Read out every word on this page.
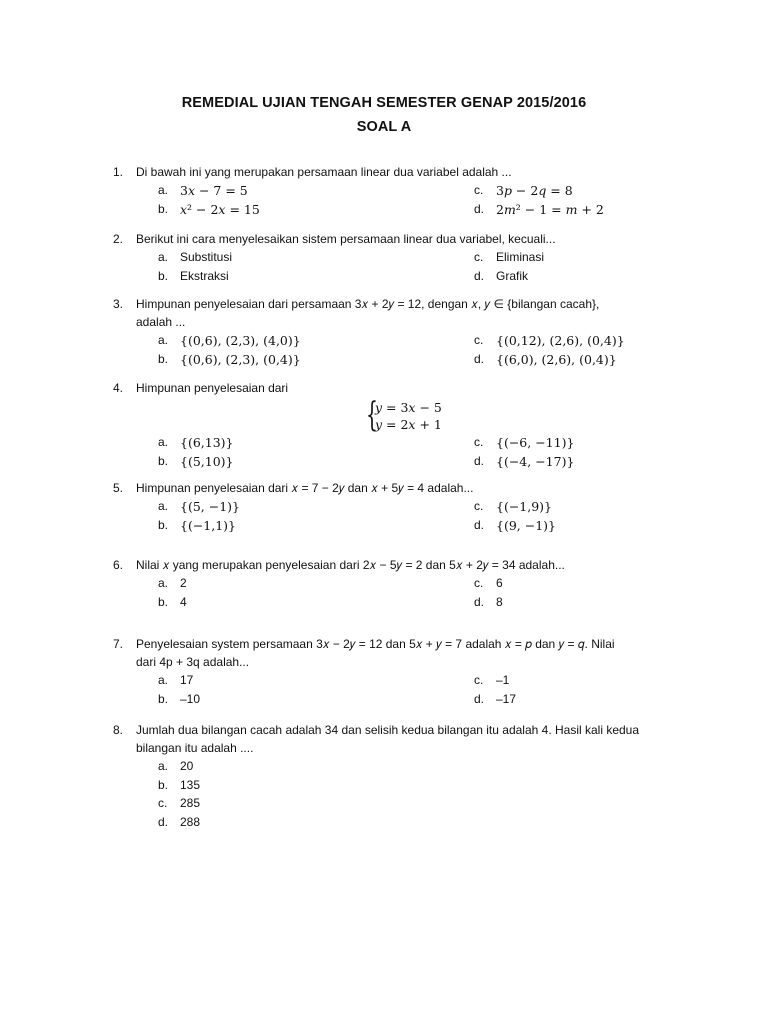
REMEDIAL UJIAN TENGAH SEMESTER GENAP 2015/2016
SOAL A
1. Di bawah ini yang merupakan persamaan linear dua variabel adalah ...
a. 3𝑥 − 7 = 5	c. 3𝑝 − 2𝑞 = 8
b. 𝑥² − 2𝑥 = 15	d. 2𝑚² − 1 = 𝑚 + 2
2. Berikut ini cara menyelesaikan sistem persamaan linear dua variabel, kecuali...
a. Substitusi	c. Eliminasi
b. Ekstraksi	d. Grafik
3. Himpunan penyelesaian dari persamaan 3𝑥 + 2𝑦 = 12, dengan 𝑥, 𝑦 ∈ {bilangan cacah},
adalah ...
a. {(0,6), (2,3), (4,0)}	c. {(0,12), (2,6), (0,4)}
b. {(0,6), (2,3), (0,4)}	d. {(6,0), (2,6), (0,4)}
4. Himpunan penyelesaian dari
{
𝑦 = 3𝑥 − 5
𝑦 = 2𝑥 + 1
a. {(6,13)}	c. {(−6, −11)}
b. {(5,10)}	d. {(−4, −17)}
5. Himpunan penyelesaian dari 𝑥 = 7 − 2𝑦 dan 𝑥 + 5𝑦 = 4 adalah...
a. {(5, −1)}	c. {(−1,9)}
b. {(−1,1)}	d. {(9, −1)}
6. Nilai 𝑥 yang merupakan penyelesaian dari 2𝑥 − 5𝑦 = 2 dan 5𝑥 + 2𝑦 = 34 adalah...
a. 2	c. 6
b. 4	d. 8
7. Penyelesaian system persamaan 3𝑥 − 2𝑦 = 12 dan 5𝑥 + 𝑦 = 7 adalah 𝑥 = 𝑝 dan 𝑦 = 𝑞. Nilai
dari 4p + 3q adalah...
a. 17	c. –1
b. –10	d. –17
8. Jumlah dua bilangan cacah adalah 34 dan selisih kedua bilangan itu adalah 4. Hasil kali kedua
bilangan itu adalah ....
a. 20
b. 135
c. 285
d. 288
